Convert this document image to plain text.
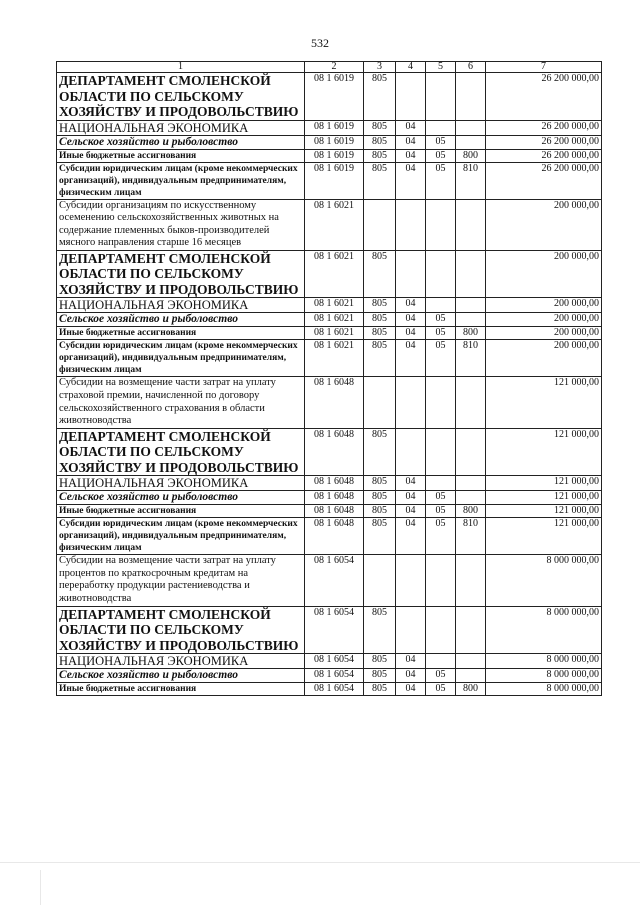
532
1	2	3	4	5	6	7
ДЕПАРТАМЕНТ СМОЛЕНСКОЙ ОБЛАСТИ ПО СЕЛЬСКОМУ ХОЗЯЙСТВУ И ПРОДОВОЛЬСТВИЮ	08 1 6019	805				26 200 000,00
НАЦИОНАЛЬНАЯ ЭКОНОМИКА	08 1 6019	805	04			26 200 000,00
Сельское хозяйство и рыболовство	08 1 6019	805	04	05		26 200 000,00
Иные бюджетные ассигнования	08 1 6019	805	04	05	800	26 200 000,00
Субсидии юридическим лицам (кроме некоммерческих организаций), индивидуальным предпринимателям, физическим лицам	08 1 6019	805	04	05	810	26 200 000,00
Субсидии организациям по искусственному осеменению сельскохозяйственных животных на содержание племенных быков-производителей мясного направления старше 16 месяцев	08 1 6021					200 000,00
ДЕПАРТАМЕНТ СМОЛЕНСКОЙ ОБЛАСТИ ПО СЕЛЬСКОМУ ХОЗЯЙСТВУ И ПРОДОВОЛЬСТВИЮ	08 1 6021	805				200 000,00
НАЦИОНАЛЬНАЯ ЭКОНОМИКА	08 1 6021	805	04			200 000,00
Сельское хозяйство и рыболовство	08 1 6021	805	04	05		200 000,00
Иные бюджетные ассигнования	08 1 6021	805	04	05	800	200 000,00
Субсидии юридическим лицам (кроме некоммерческих организаций), индивидуальным предпринимателям, физическим лицам	08 1 6021	805	04	05	810	200 000,00
Субсидии на возмещение части затрат на уплату страховой премии, начисленной по договору сельскохозяйственного страхования в области животноводства	08 1 6048					121 000,00
ДЕПАРТАМЕНТ СМОЛЕНСКОЙ ОБЛАСТИ ПО СЕЛЬСКОМУ ХОЗЯЙСТВУ И ПРОДОВОЛЬСТВИЮ	08 1 6048	805				121 000,00
НАЦИОНАЛЬНАЯ ЭКОНОМИКА	08 1 6048	805	04			121 000,00
Сельское хозяйство и рыболовство	08 1 6048	805	04	05		121 000,00
Иные бюджетные ассигнования	08 1 6048	805	04	05	800	121 000,00
Субсидии юридическим лицам (кроме некоммерческих организаций), индивидуальным предпринимателям, физическим лицам	08 1 6048	805	04	05	810	121 000,00
Субсидии на возмещение части затрат на уплату процентов по краткосрочным кредитам на переработку продукции растениеводства и животноводства	08 1 6054					8 000 000,00
ДЕПАРТАМЕНТ СМОЛЕНСКОЙ ОБЛАСТИ ПО СЕЛЬСКОМУ ХОЗЯЙСТВУ И ПРОДОВОЛЬСТВИЮ	08 1 6054	805				8 000 000,00
НАЦИОНАЛЬНАЯ ЭКОНОМИКА	08 1 6054	805	04			8 000 000,00
Сельское хозяйство и рыболовство	08 1 6054	805	04	05		8 000 000,00
Иные бюджетные ассигнования	08 1 6054	805	04	05	800	8 000 000,00
